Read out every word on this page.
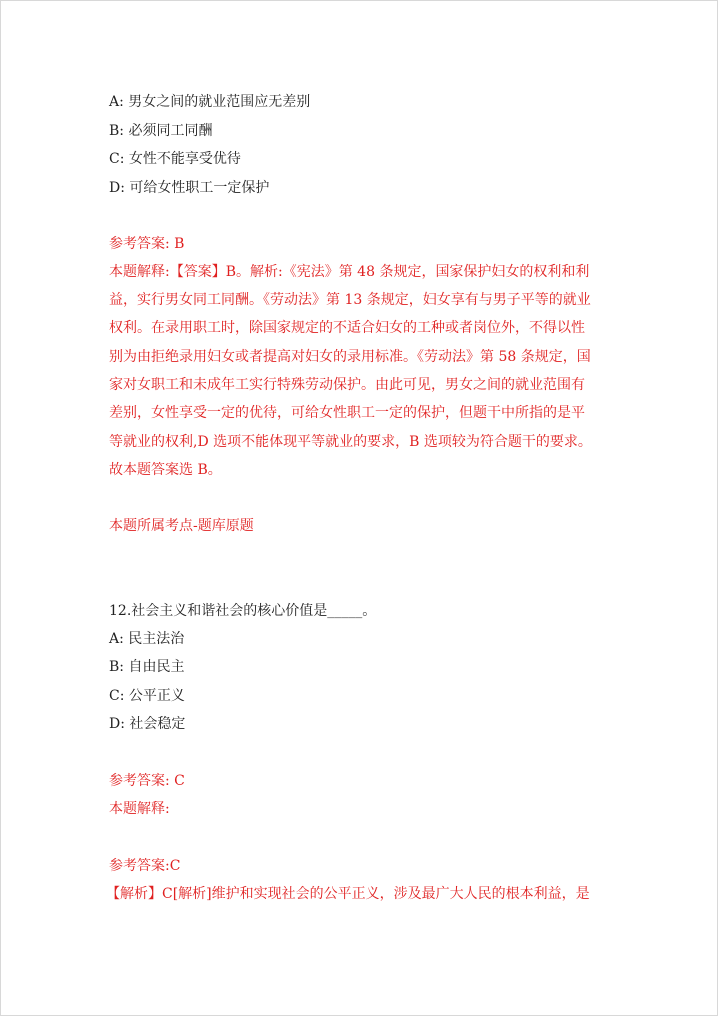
A: 男女之间的就业范围应无差别
B: 必须同工同酬
C: 女性不能享受优待
D: 可给女性职工一定保护
参考答案: B
本题解释:【答案】B。解析:《宪法》第 48 条规定，国家保护妇女的权利和利
益，实行男女同工同酬。《劳动法》第 13 条规定，妇女享有与男子平等的就业
权利。在录用职工时，除国家规定的不适合妇女的工种或者岗位外，不得以性
别为由拒绝录用妇女或者提高对妇女的录用标准。《劳动法》第 58 条规定，国
家对女职工和未成年工实行特殊劳动保护。由此可见，男女之间的就业范围有
差别，女性享受一定的优待，可给女性职工一定的保护，但题干中所指的是平
等就业的权利,D 选项不能体现平等就业的要求，B 选项较为符合题干的要求。
故本题答案选 B。
本题所属考点-题库原题
12.社会主义和谐社会的核心价值是_____。
A: 民主法治
B: 自由民主
C: 公平正义
D: 社会稳定
参考答案: C
本题解释:
参考答案:C
【解析】C[解析]维护和实现社会的公平正义，涉及最广大人民的根本利益，是
